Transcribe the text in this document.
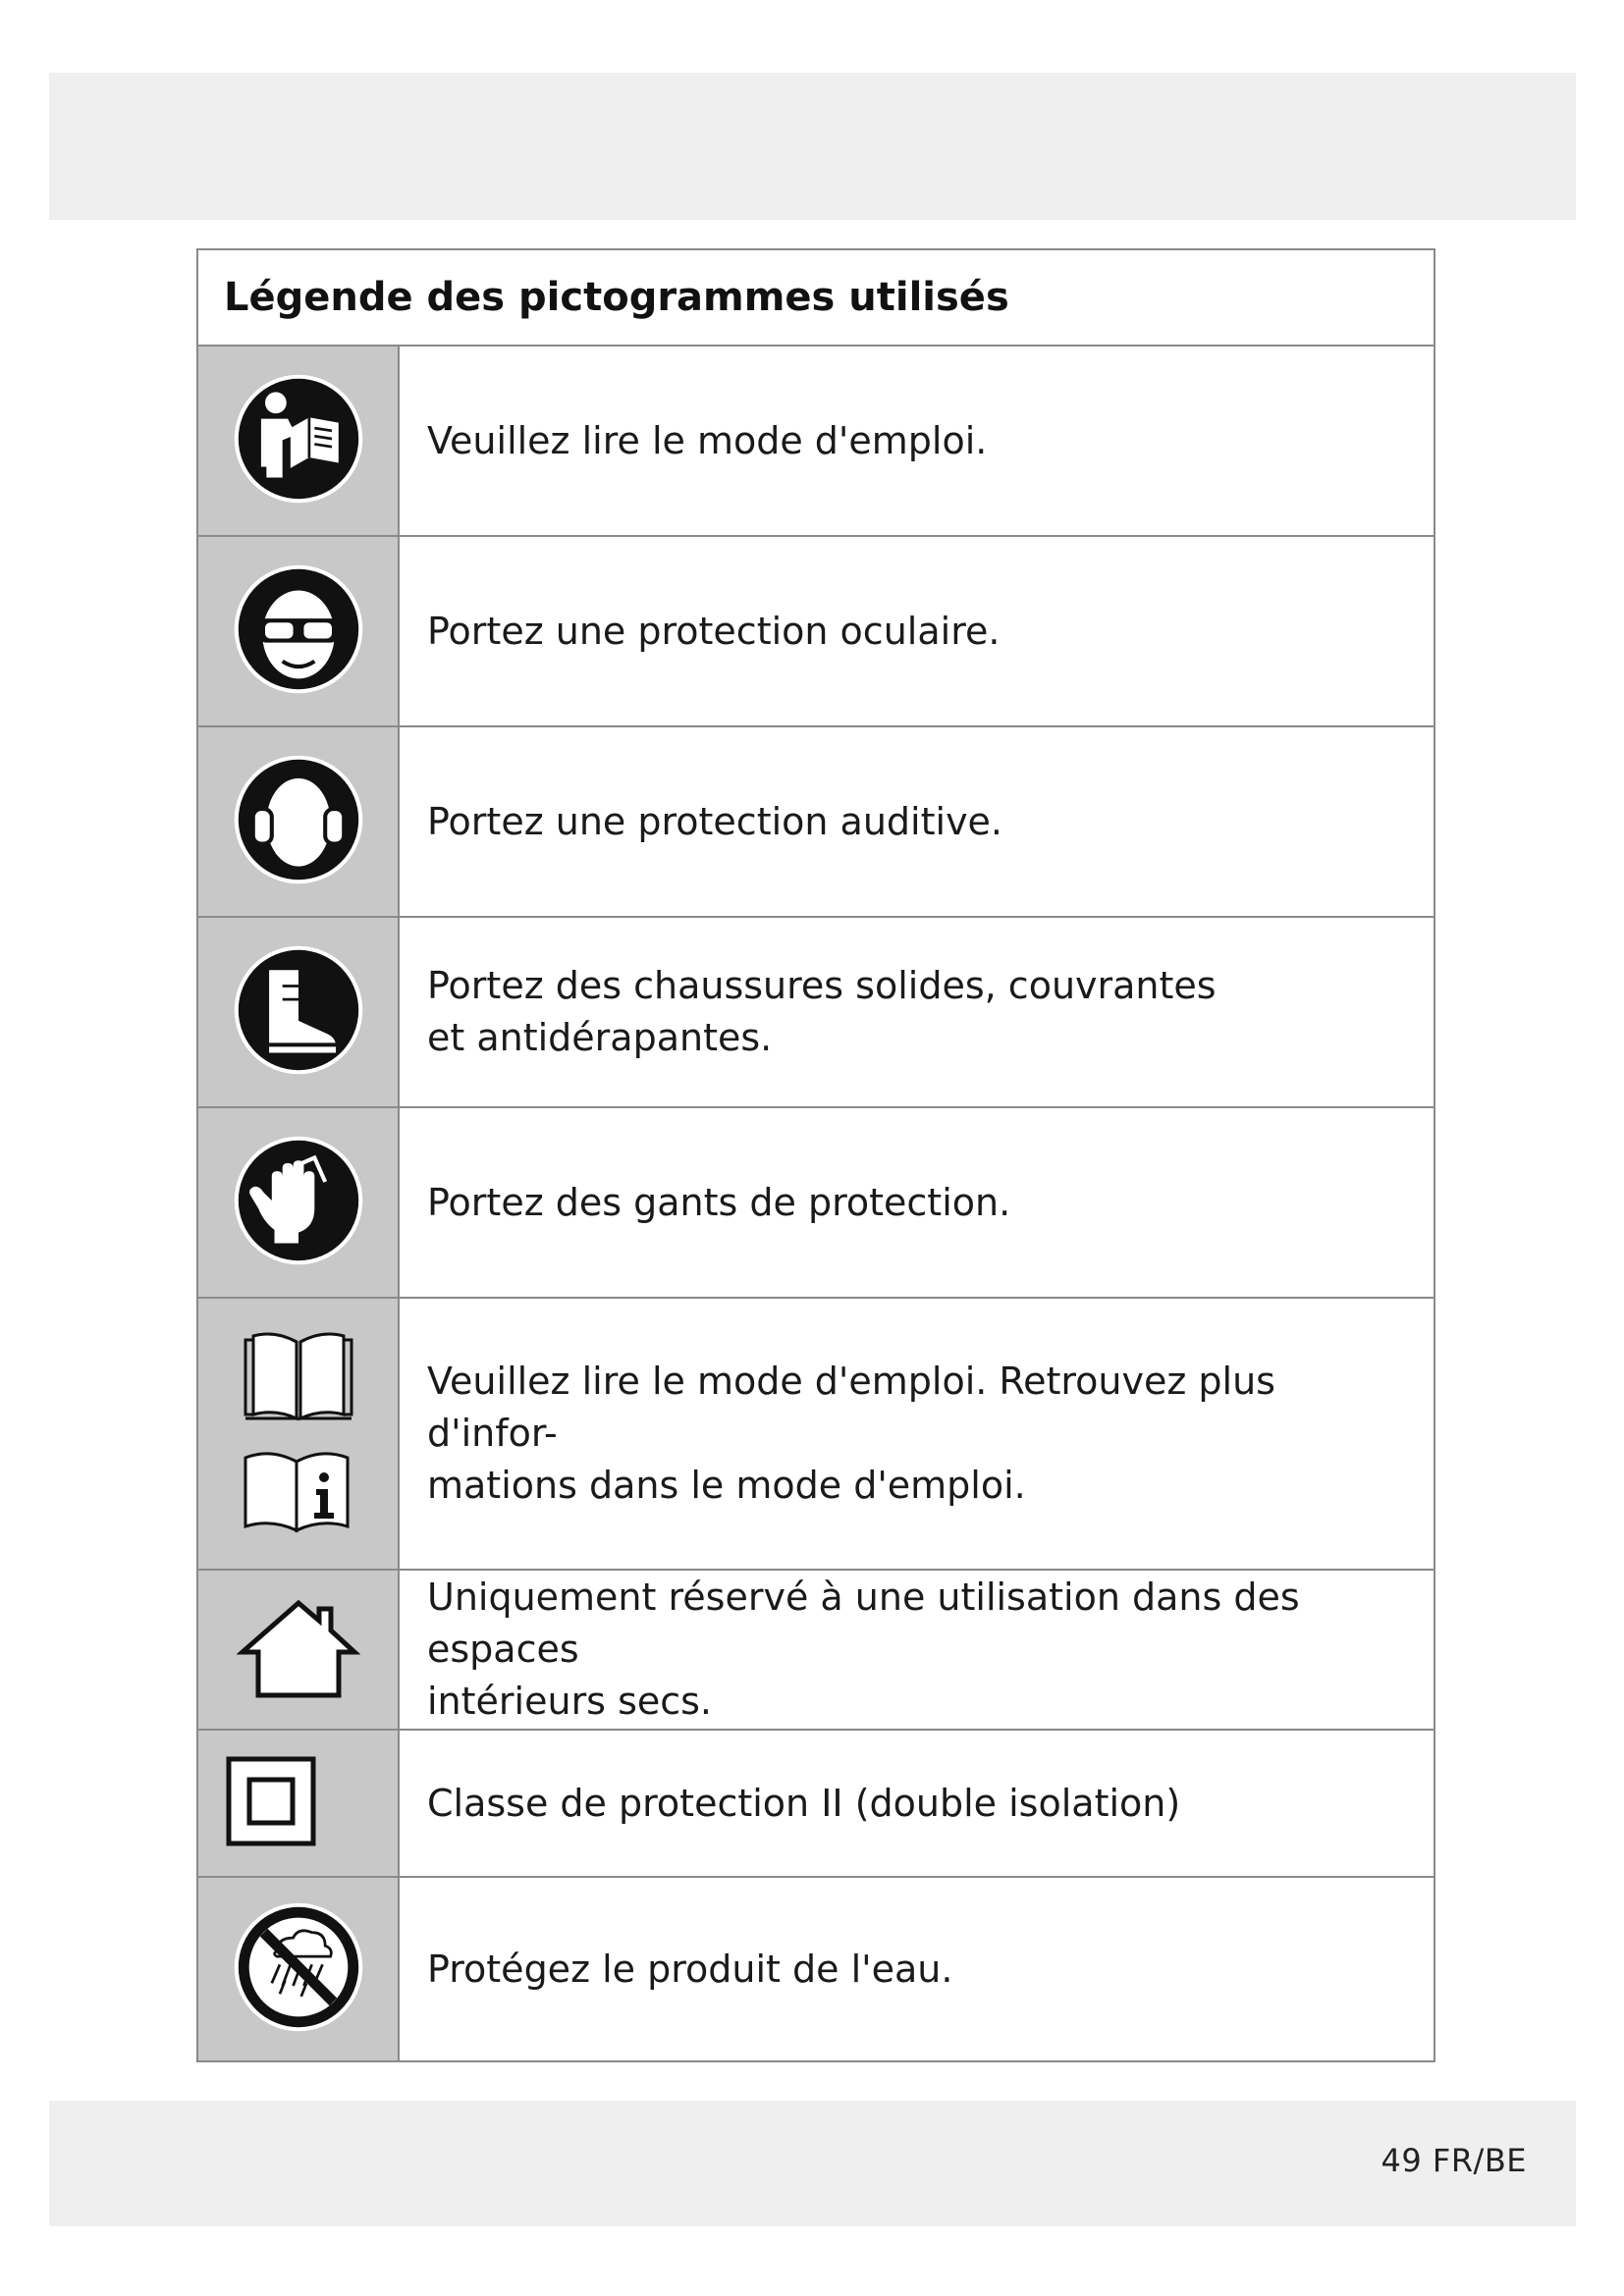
Légende des pictogrammes utilisés
Veuillez lire le mode d'emploi.
Portez une protection oculaire.
Portez une protection auditive.
Portez des chaussures solides, couvrantes
et antidérapantes.
Portez des gants de protection.
Veuillez lire le mode d'emploi. Retrouvez plus d'infor-
mations dans le mode d'emploi.
Uniquement réservé à une utilisation dans des espaces
intérieurs secs.
Classe de protection II (double isolation)
Protégez le produit de l'eau.
49 FR/BE
